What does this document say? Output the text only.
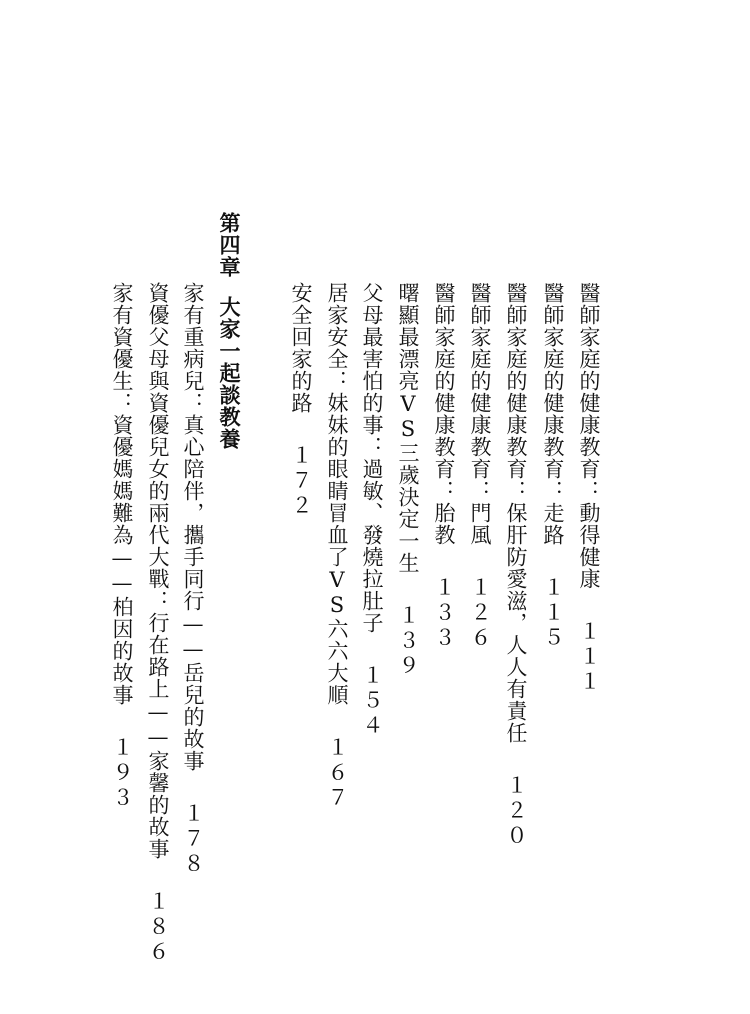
醫師家庭的健康教育：動得健康１１１
醫師家庭的健康教育：走路１１５
醫師家庭的健康教育：保肝防愛滋，人人有責任１２０
醫師家庭的健康教育：門風１２６
醫師家庭的健康教育：胎教１３３
曙顯最漂亮VS三歲決定一生１３９
父母最害怕的事：過敏、發燒拉肚子１５４
居家安全：妹妹的眼睛冒血了VS六六大順１６７
安全回家的路１７２
第四章大家一起談教養
家有重病兒：真心陪伴，攜手同行——岳兒的故事１７８
資優父母與資優兒女的兩代大戰：行在路上——家馨的故事１８６
家有資優生：資優媽媽難為——柏因的故事１９３
